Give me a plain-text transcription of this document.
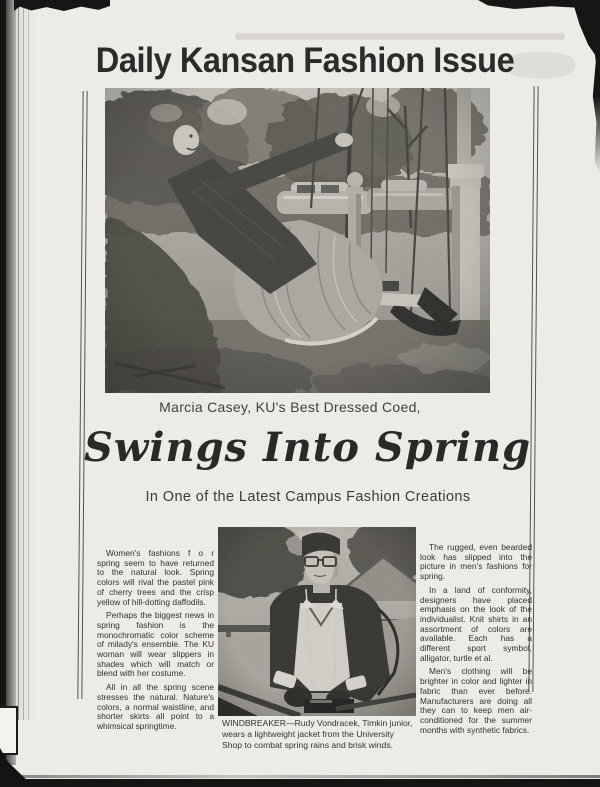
Daily Kansan Fashion Issue
Marcia Casey, KU's Best Dressed Coed,
Swings Into Spring
In One of the Latest Campus Fashion Creations

Women's fashions f o r spring seem to have returned to the natural look. Spring colors will rival the pastel pink of cherry trees and the crisp yellow of hill-dotting daffodils.

Perhaps the biggest news in spring fashion is the monochromatic color scheme of milady's ensemble. The KU woman will wear slippers in shades which will match or blend with her costume.

All in all the spring scene stresses the natural. Nature's colors, a normal waistline, and shorter skirts all point to a whimsical springtime.

The rugged, even bearded look has slipped into the picture in men's fashions for spring.

In a land of conformity, designers have placed emphasis on the look of the individualist. Knit shirts in an assortment of colors are available. Each has a different sport symbol, alligator, turtle et al.

Men's clothing will be brighter in color and lighter in fabric than ever before. Manufacturers are doing all they can to keep men air-conditioned for the summer months with synthetic fabrics.

WINDBREAKER—Rudy Vondracek, Timkin junior, wears a lightweight jacket from the University Shop to combat spring rains and brisk winds.
